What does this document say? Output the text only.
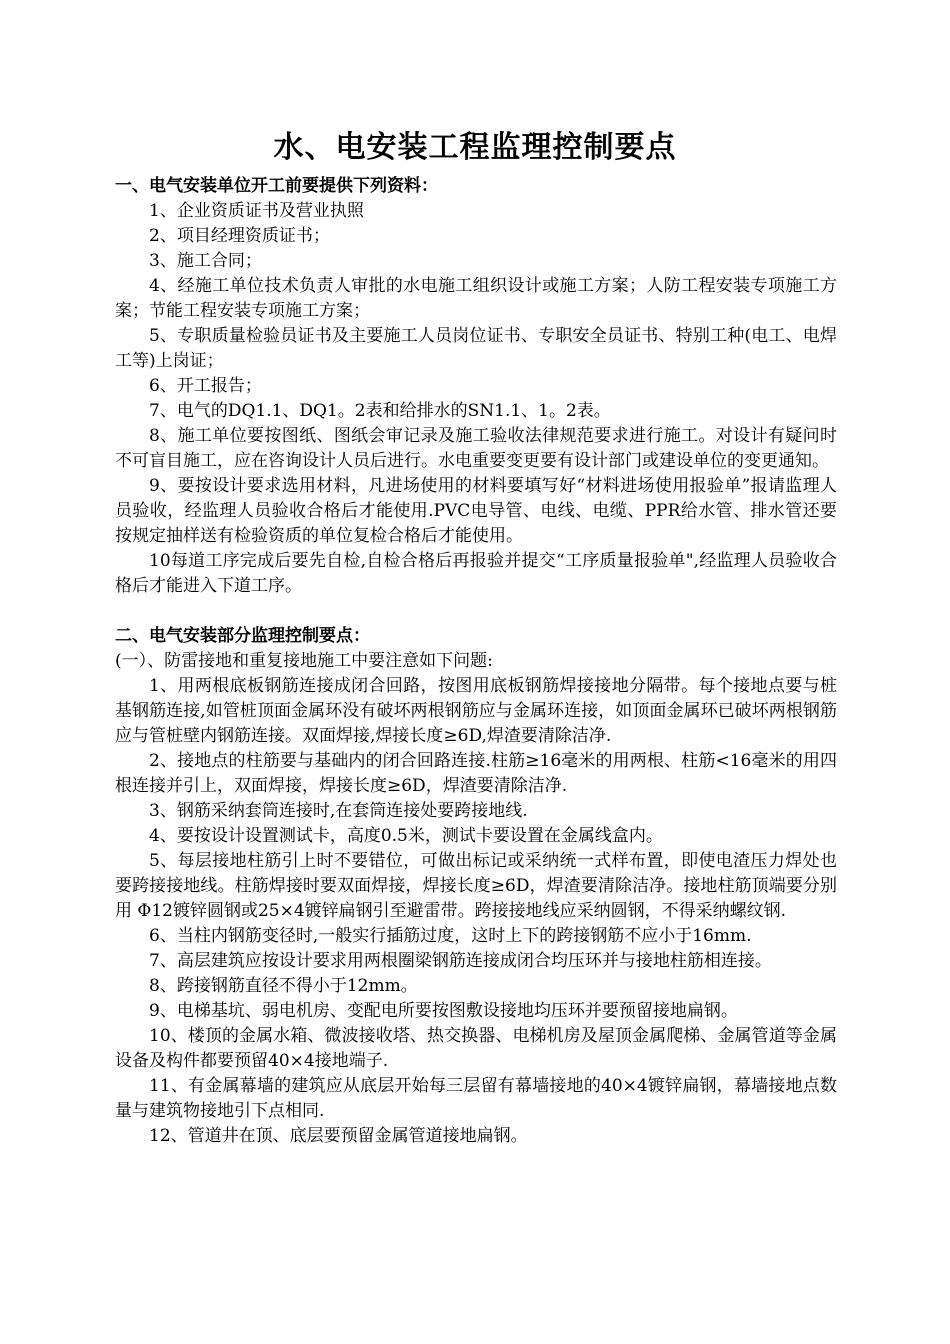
水、电安装工程监理控制要点

一、电气安装单位开工前要提供下列资料：

1、企业资质证书及营业执照

2、项目经理资质证书；

3、施工合同；

4、经施工单位技术负责人审批的水电施工组织设计或施工方案；人防工程安装专项施工方案；节能工程安装专项施工方案；

5、专职质量检验员证书及主要施工人员岗位证书、专职安全员证书、特别工种(电工、电焊工等)上岗证；

6、开工报告；

7、电气的DQ1.1、DQ1。2表和给排水的SN1.1、1。2表。

8、施工单位要按图纸、图纸会审记录及施工验收法律规范要求进行施工。对设计有疑问时不可盲目施工，应在咨询设计人员后进行。水电重要变更要有设计部门或建设单位的变更通知。

9、要按设计要求选用材料，凡进场使用的材料要填写好“材料进场使用报验单”报请监理人员验收，经监理人员验收合格后才能使用.PVC电导管、电线、电缆、PPR给水管、排水管还要按规定抽样送有检验资质的单位复检合格后才能使用。

10每道工序完成后要先自检,自检合格后再报验并提交“工序质量报验单",经监理人员验收合格后才能进入下道工序。

二、电气安装部分监理控制要点：

(一）、防雷接地和重复接地施工中要注意如下问题:

1、用两根底板钢筋连接成闭合回路，按图用底板钢筋焊接接地分隔带。每个接地点要与桩基钢筋连接,如管桩顶面金属环没有破坏两根钢筋应与金属环连接，如顶面金属环已破坏两根钢筋应与管桩壁内钢筋连接。双面焊接,焊接长度≥6D,焊渣要清除洁净.

2、接地点的柱筋要与基础内的闭合回路连接.柱筋≥16毫米的用两根、柱筋<16毫米的用四根连接并引上，双面焊接，焊接长度≥6D，焊渣要清除洁净.

3、钢筋采纳套筒连接时,在套筒连接处要跨接地线.

4、要按设计设置测试卡，高度0.5米，测试卡要设置在金属线盒内。

5、每层接地柱筋引上时不要错位，可做出标记或采纳统一式样布置，即使电渣压力焊处也要跨接接地线。柱筋焊接时要双面焊接，焊接长度≥6D，焊渣要清除洁净。接地柱筋顶端要分别用 Φ12镀锌圆钢或25×4镀锌扁钢引至避雷带。跨接接地线应采纳圆钢，不得采纳螺纹钢.

6、当柱内钢筋变径时,一般实行插筋过度，这时上下的跨接钢筋不应小于16mm.

7、高层建筑应按设计要求用两根圈梁钢筋连接成闭合均压环并与接地柱筋相连接。

8、跨接钢筋直径不得小于12mm。

9、电梯基坑、弱电机房、变配电所要按图敷设接地均压环并要预留接地扁钢。

10、楼顶的金属水箱、微波接收塔、热交换器、电梯机房及屋顶金属爬梯、金属管道等金属设备及构件都要预留40×4接地端子.

11、有金属幕墙的建筑应从底层开始每三层留有幕墙接地的40×4镀锌扁钢，幕墙接地点数量与建筑物接地引下点相同.

12、管道井在顶、底层要预留金属管道接地扁钢。
